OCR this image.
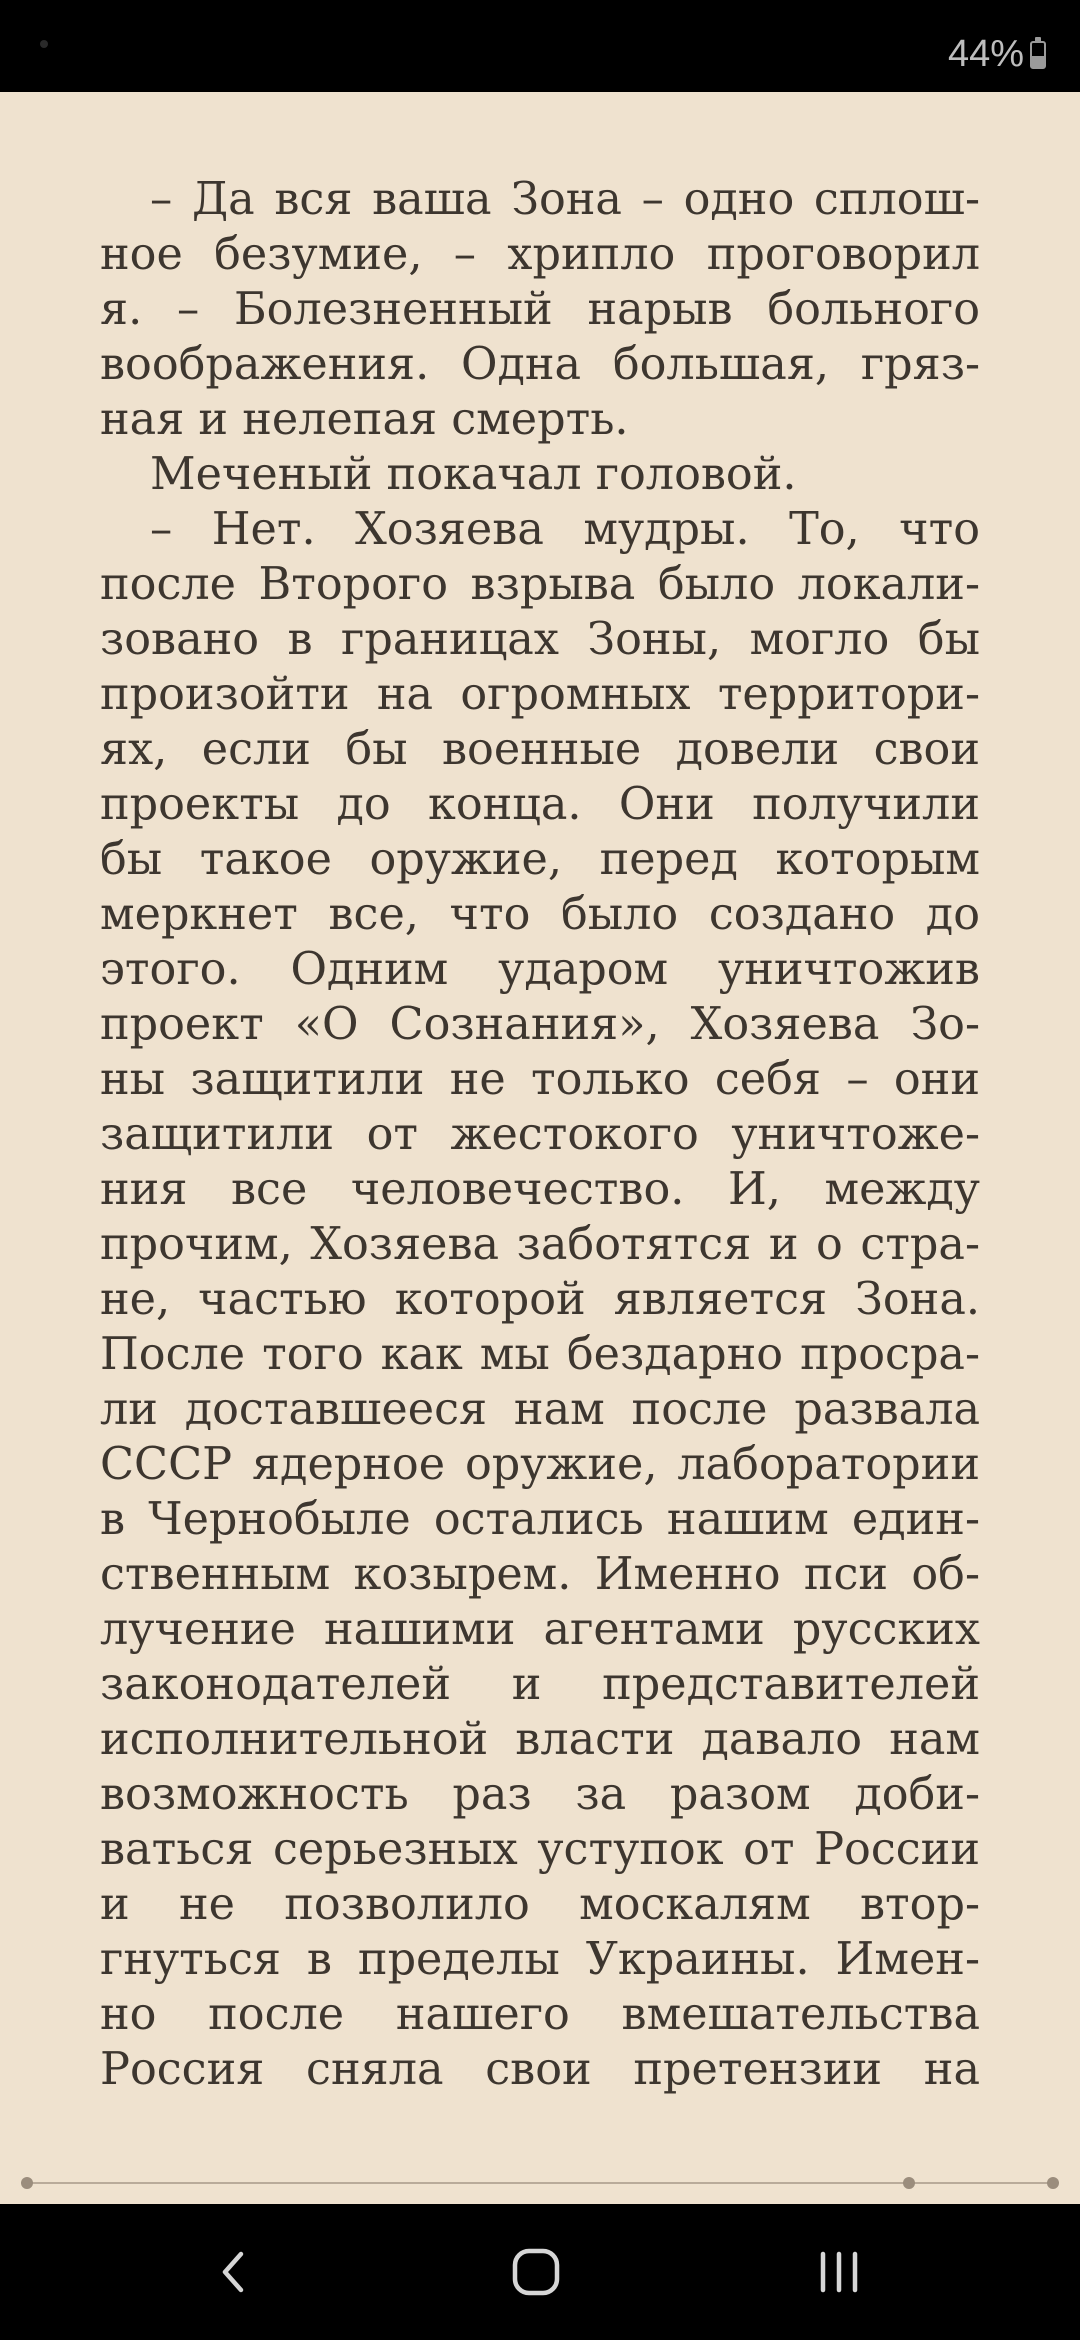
44%
– Да вся ваша Зона – одно сплош-
ное безумие, – хрипло проговорил
я. – Болезненный нарыв больного
воображения. Одна большая, гряз-
ная и нелепая смерть.
Меченый покачал головой.
– Нет. Хозяева мудры. То, что
после Второго взрыва было локали-
зовано в границах Зоны, могло бы
произойти на огромных территори-
ях, если бы военные довели свои
проекты до конца. Они получили
бы такое оружие, перед которым
меркнет все, что было создано до
этого. Одним ударом уничтожив
проект «О Сознания», Хозяева Зо-
ны защитили не только себя – они
защитили от жестокого уничтоже-
ния все человечество. И, между
прочим, Хозяева заботятся и о стра-
не, частью которой является Зона.
После того как мы бездарно просра-
ли доставшееся нам после развала
СССР ядерное оружие, лаборатории
в Чернобыле остались нашим един-
ственным козырем. Именно пси об-
лучение нашими агентами русских
законодателей и представителей
исполнительной власти давало нам
возможность раз за разом доби-
ваться серьезных уступок от России
и не позволило москалям втор-
гнуться в пределы Украины. Имен-
но после нашего вмешательства
Россия сняла свои претензии на
